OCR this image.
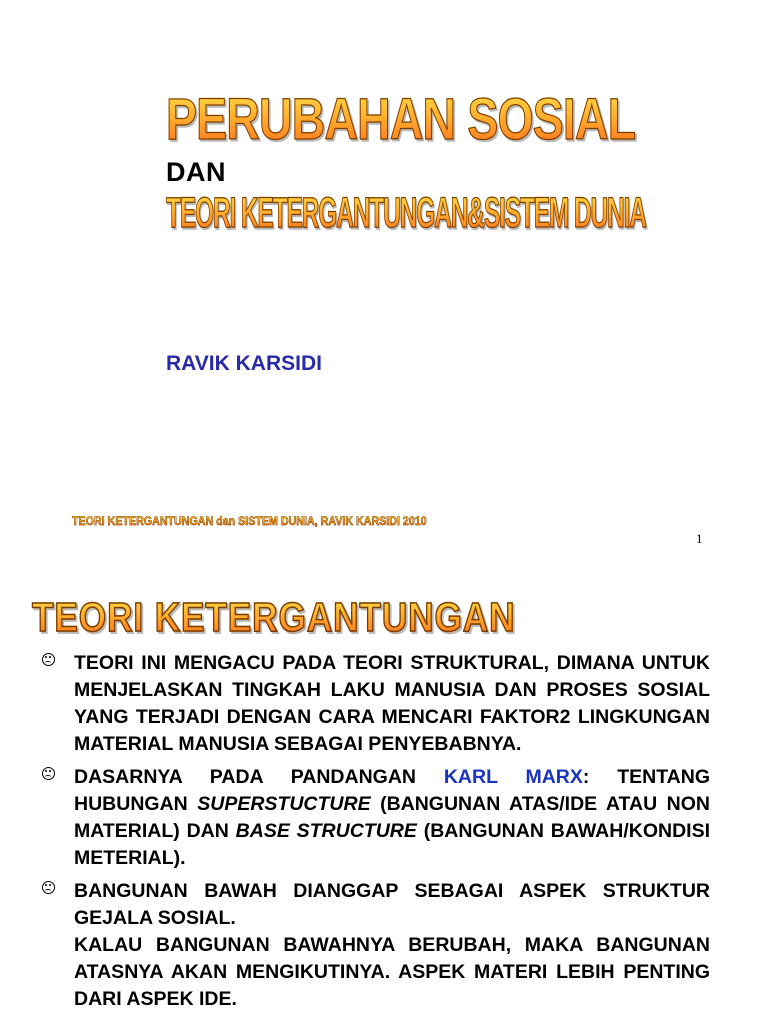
PERUBAHAN SOSIAL

DAN

TEORI KETERGANTUNGAN&SISTEM DUNIA

RAVIK KARSIDI

TEORI KETERGANTUNGAN dan SISTEM DUNIA, RAVIK KARSIDI 2010

1

TEORI KETERGANTUNGAN

TEORI INI MENGACU PADA TEORI STRUKTURAL, DIMANA UNTUK MENJELASKAN TINGKAH LAKU MANUSIA DAN PROSES SOSIAL YANG TERJADI DENGAN CARA MENCARI FAKTOR2 LINGKUNGAN MATERIAL MANUSIA SEBAGAI PENYEBABNYA.

DASARNYA PADA PANDANGAN KARL MARX: TENTANG HUBUNGAN SUPERSTUCTURE (BANGUNAN ATAS/IDE ATAU NON MATERIAL) DAN BASE STRUCTURE (BANGUNAN BAWAH/KONDISI METERIAL).

BANGUNAN BAWAH DIANGGAP SEBAGAI ASPEK STRUKTUR GEJALA SOSIAL.

KALAU BANGUNAN BAWAHNYA BERUBAH, MAKA BANGUNAN ATASNYA AKAN MENGIKUTINYA. ASPEK MATERI LEBIH PENTING DARI ASPEK IDE.
